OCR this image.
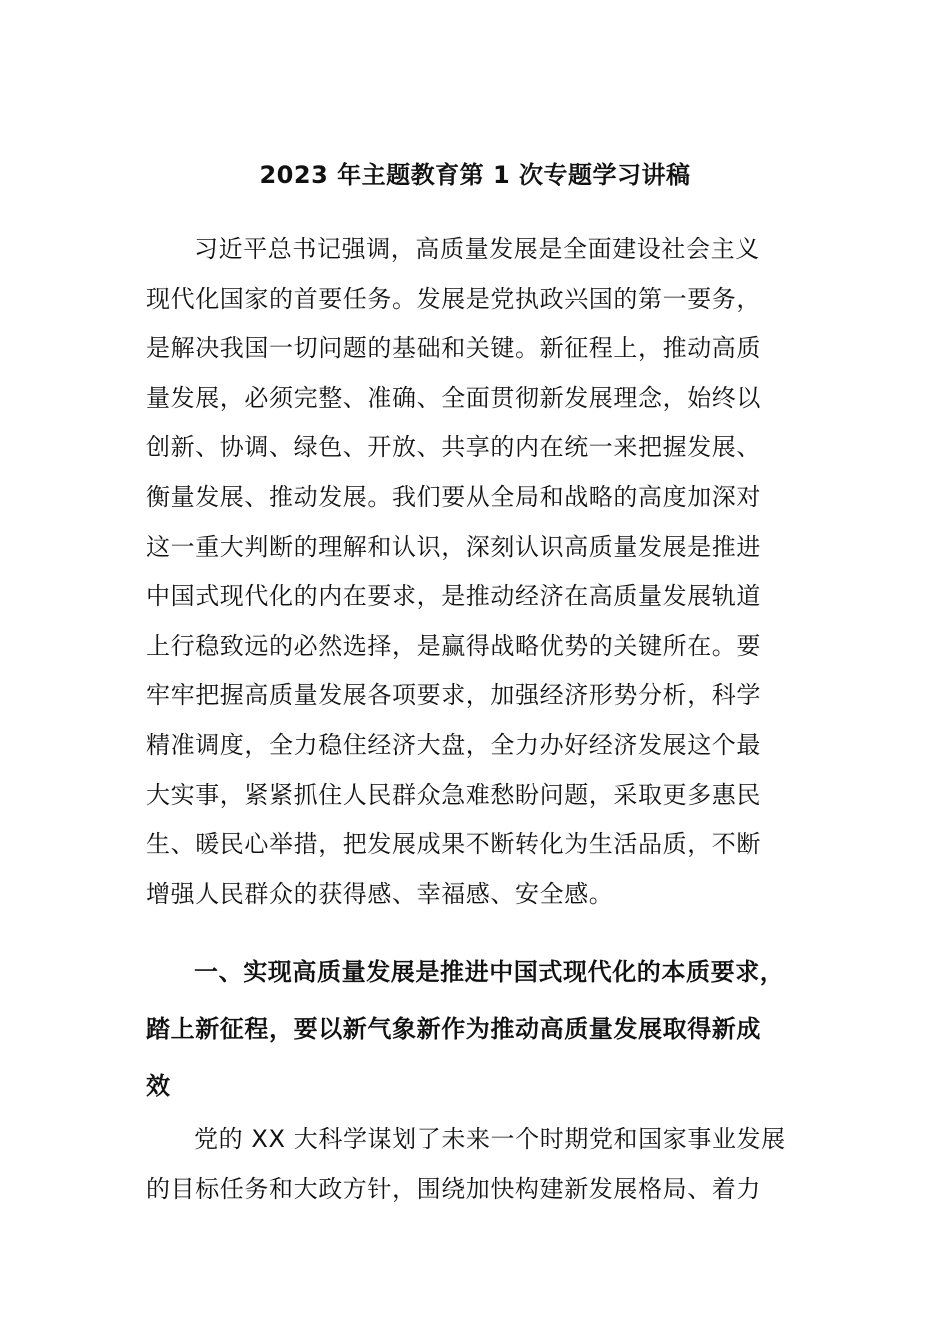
2023 年主题教育第 1 次专题学习讲稿
习近平总书记强调，高质量发展是全面建设社会主义
现代化国家的首要任务。发展是党执政兴国的第一要务，
是解决我国一切问题的基础和关键。新征程上，推动高质
量发展，必须完整、准确、全面贯彻新发展理念，始终以
创新、协调、绿色、开放、共享的内在统一来把握发展、
衡量发展、推动发展。我们要从全局和战略的高度加深对
这一重大判断的理解和认识，深刻认识高质量发展是推进
中国式现代化的内在要求，是推动经济在高质量发展轨道
上行稳致远的必然选择，是赢得战略优势的关键所在。要
牢牢把握高质量发展各项要求，加强经济形势分析，科学
精准调度，全力稳住经济大盘，全力办好经济发展这个最
大实事，紧紧抓住人民群众急难愁盼问题，采取更多惠民
生、暖民心举措，把发展成果不断转化为生活品质，不断
增强人民群众的获得感、幸福感、安全感。
一、实现高质量发展是推进中国式现代化的本质要求，
踏上新征程，要以新气象新作为推动高质量发展取得新成
效
党的 XX 大科学谋划了未来一个时期党和国家事业发展
的目标任务和大政方针，围绕加快构建新发展格局、着力
